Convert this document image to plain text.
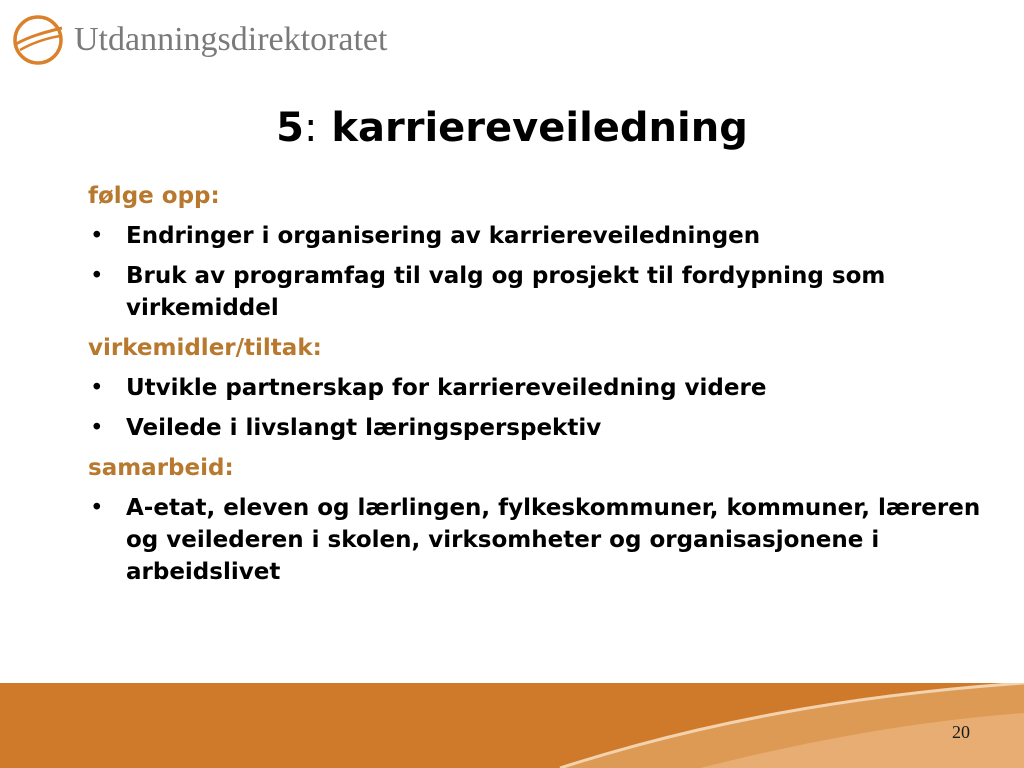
Utdanningsdirektoratet
5: karriereveiledning
følge opp:
• Endringer i organisering av karriereveiledningen
• Bruk av programfag til valg og prosjekt til fordypning som virkemiddel
virkemidler/tiltak:
• Utvikle partnerskap for karriereveiledning videre
• Veilede i livslangt læringsperspektiv
samarbeid:
• A-etat, eleven og lærlingen, fylkeskommuner, kommuner, læreren og veilederen i skolen, virksomheter og organisasjonene i arbeidslivet
20
